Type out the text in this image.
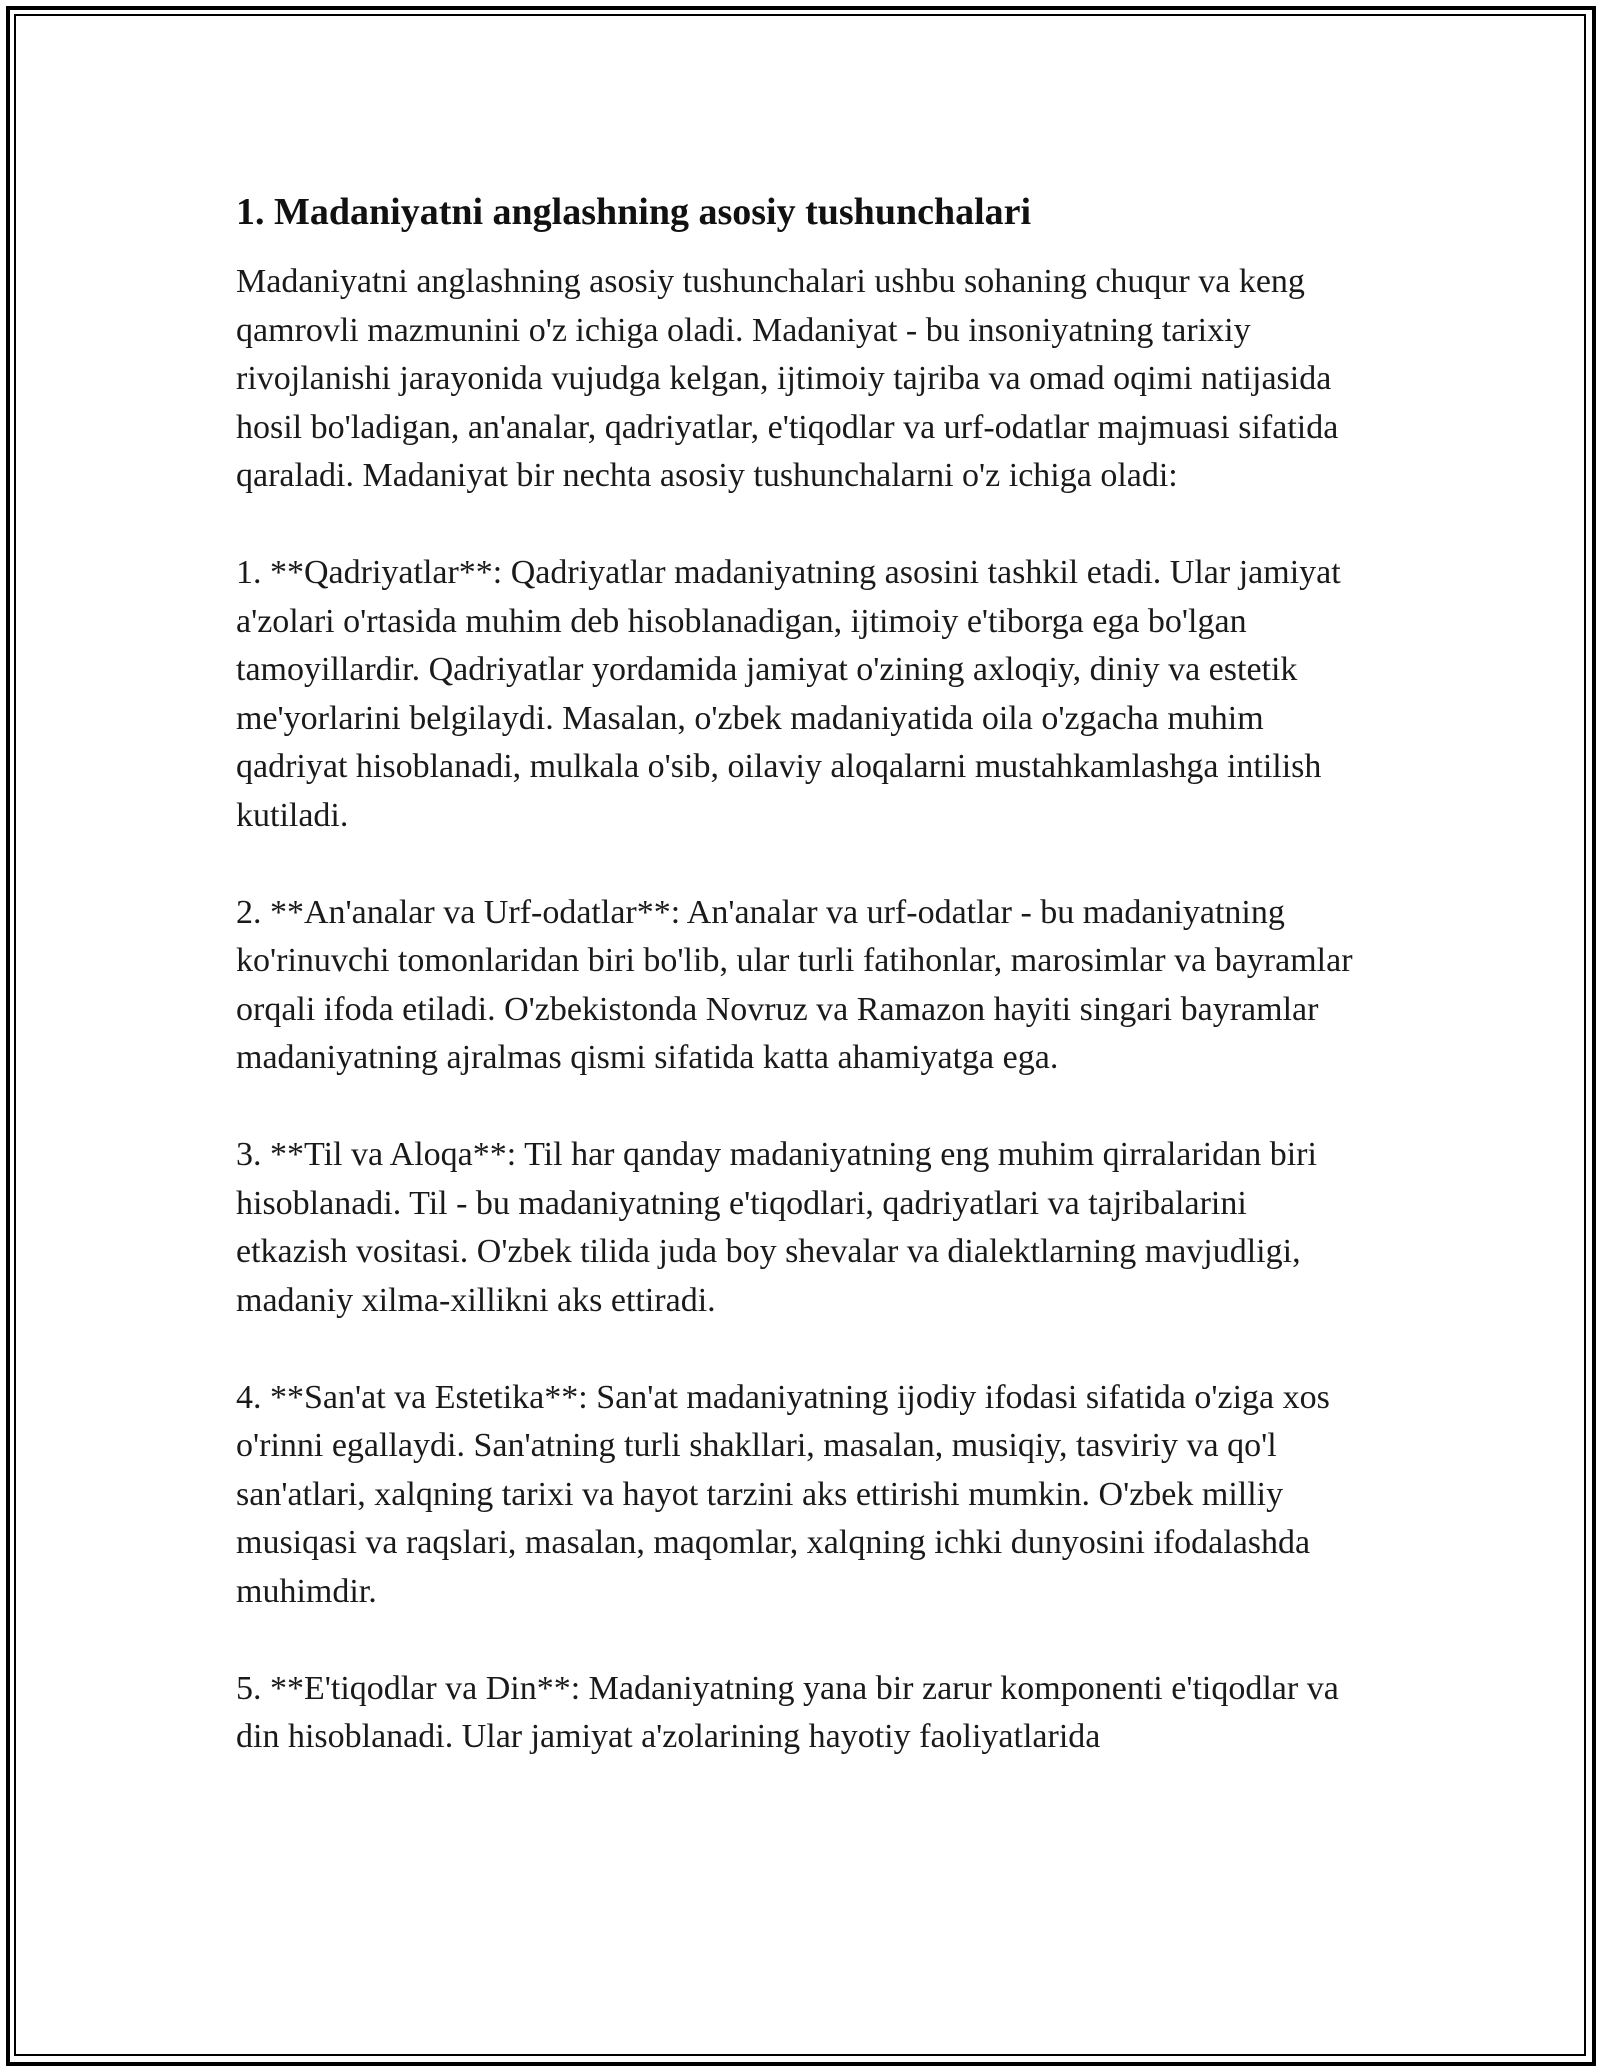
1. Madaniyatni anglashning asosiy tushunchalari

Madaniyatni anglashning asosiy tushunchalari ushbu sohaning chuqur va keng qamrovli mazmunini o'z ichiga oladi. Madaniyat - bu insoniyatning tarixiy rivojlanishi jarayonida vujudga kelgan, ijtimoiy tajriba va omad oqimi natijasida hosil bo'ladigan, an'analar, qadriyatlar, e'tiqodlar va urf-odatlar majmuasi sifatida qaraladi. Madaniyat bir nechta asosiy tushunchalarni o'z ichiga oladi:

1. **Qadriyatlar**: Qadriyatlar madaniyatning asosini tashkil etadi. Ular jamiyat a'zolari o'rtasida muhim deb hisoblanadigan, ijtimoiy e'tiborga ega bo'lgan tamoyillardir. Qadriyatlar yordamida jamiyat o'zining axloqiy, diniy va estetik me'yorlarini belgilaydi. Masalan, o'zbek madaniyatida oila o'zgacha muhim qadriyat hisoblanadi, mulkala o'sib, oilaviy aloqalarni mustahkamlashga intilish kutiladi.

2. **An'analar va Urf-odatlar**: An'analar va urf-odatlar - bu madaniyatning ko'rinuvchi tomonlaridan biri bo'lib, ular turli fatihonlar, marosimlar va bayramlar orqali ifoda etiladi. O'zbekistonda Novruz va Ramazon hayiti singari bayramlar madaniyatning ajralmas qismi sifatida katta ahamiyatga ega.

3. **Til va Aloqa**: Til har qanday madaniyatning eng muhim qirralaridan biri hisoblanadi. Til - bu madaniyatning e'tiqodlari, qadriyatlari va tajribalarini etkazish vositasi. O'zbek tilida juda boy shevalar va dialektlarning mavjudligi, madaniy xilma-xillikni aks ettiradi.

4. **San'at va Estetika**: San'at madaniyatning ijodiy ifodasi sifatida o'ziga xos o'rinni egallaydi. San'atning turli shakllari, masalan, musiqiy, tasviriy va qo'l san'atlari, xalqning tarixi va hayot tarzini aks ettirishi mumkin. O'zbek milliy musiqasi va raqslari, masalan, maqomlar, xalqning ichki dunyosini ifodalashda muhimdir.

5. **E'tiqodlar va Din**: Madaniyatning yana bir zarur komponenti e'tiqodlar va din hisoblanadi. Ular jamiyat a'zolarining hayotiy faoliyatlarida
